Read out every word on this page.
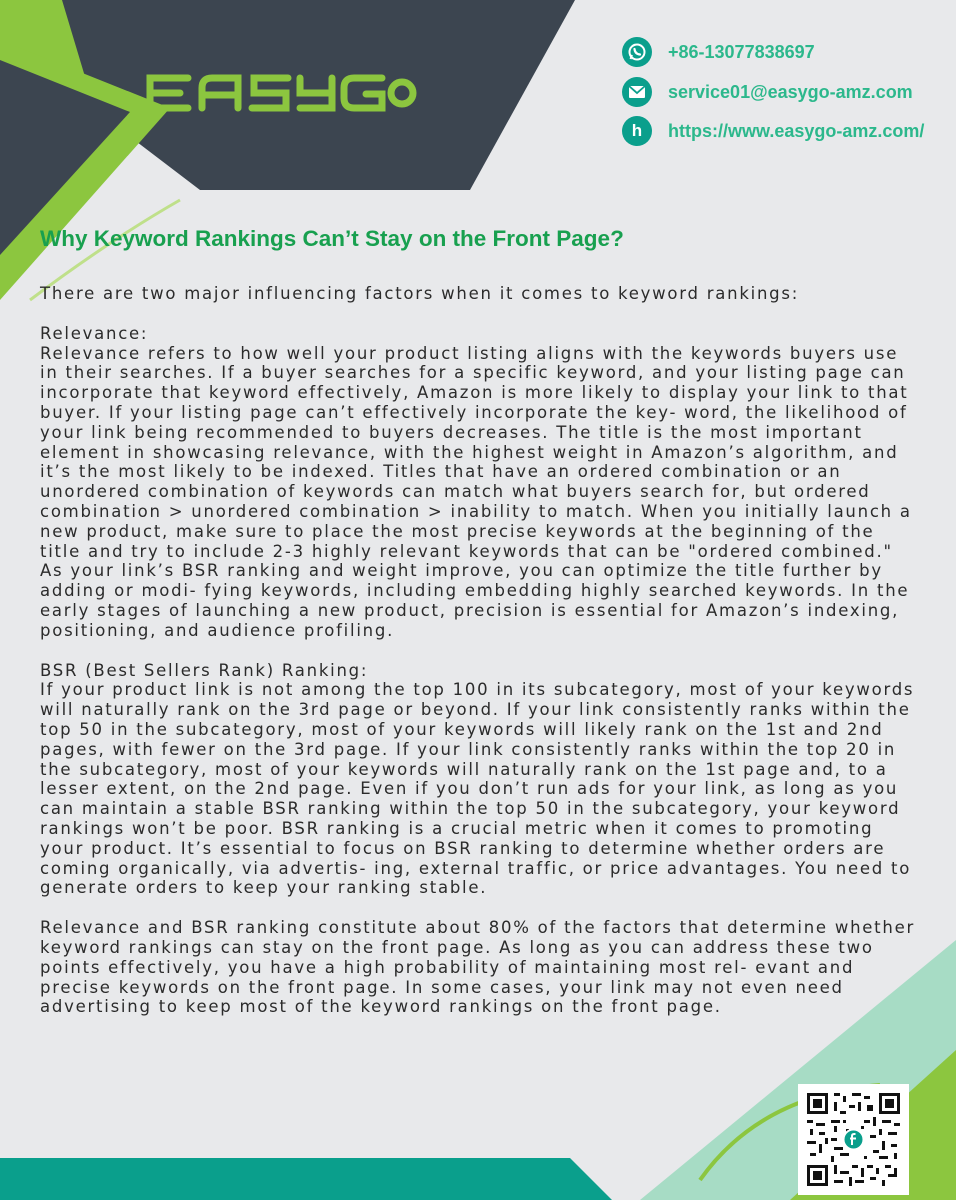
+86-13077838697
service01@easygo-amz.com
h	https://www.easygo-amz.com/
Why Keyword Rankings Can’t Stay on the Front Page?

There are two major influencing factors when it comes to keyword rankings:

Relevance:

Relevance refers to how well your product listing aligns with the keywords buyers use in their searches. If a buyer searches for a specific keyword, and your listing page can incorporate that keyword effectively, Amazon is more likely to display your link to that buyer. If your listing page can’t effectively incorporate the key- word, the likelihood of your link being recommended to buyers decreases. The title is the most important element in showcasing relevance, with the highest weight in Amazon’s algorithm, and it’s the most likely to be indexed. Titles that have an ordered combination or an unordered combination of keywords can match what buyers search for, but ordered combination > unordered combination > inability to match. When you initially launch a new product, make sure to place the most precise keywords at the beginning of the title and try to include 2-3 highly relevant keywords that can be "ordered combined." As your link’s BSR ranking and weight improve, you can optimize the title further by adding or modi- fying keywords, including embedding highly searched keywords. In the early stages of launching a new product, precision is essential for Amazon’s indexing, positioning, and audience profiling.

BSR (Best Sellers Rank) Ranking:

If your product link is not among the top 100 in its subcategory, most of your keywords will naturally rank on the 3rd page or beyond. If your link consistently ranks within the top 50 in the subcategory, most of your keywords will likely rank on the 1st and 2nd pages, with fewer on the 3rd page. If your link consistently ranks within the top 20 in the subcategory, most of your keywords will naturally rank on the 1st page and, to a lesser extent, on the 2nd page. Even if you don’t run ads for your link, as long as you can maintain a stable BSR ranking within the top 50 in the subcategory, your keyword rankings won’t be poor. BSR ranking is a crucial metric when it comes to promoting your product. It’s essential to focus on BSR ranking to determine whether orders are coming organically, via advertis- ing, external traffic, or price advantages. You need to generate orders to keep your ranking stable.

Relevance and BSR ranking constitute about 80% of the factors that determine whether keyword rankings can stay on the front page. As long as you can address these two points effectively, you have a high probability of maintaining most rel- evant and precise keywords on the front page. In some cases, your link may not even need advertising to keep most of the keyword rankings on the front page.
